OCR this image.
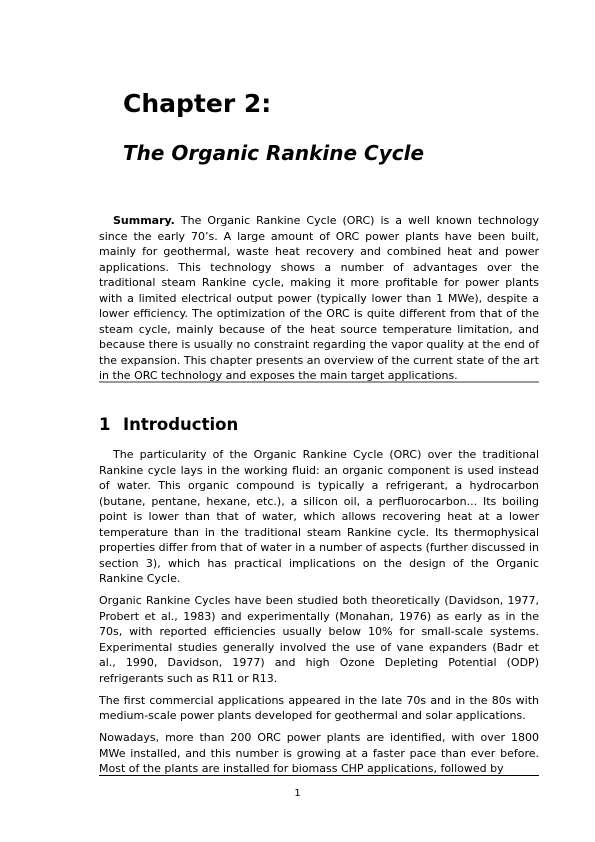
Chapter 2:
The Organic Rankine Cycle

Summary. The Organic Rankine Cycle (ORC) is a well known technology since the early 70’s. A large amount of ORC power plants have been built, mainly for geothermal, waste heat recovery and combined heat and power applications. This technology shows a number of advantages over the traditional steam Rankine cycle, making it more profitable for power plants with a limited electrical output power (typically lower than 1 MWe), despite a lower efficiency. The optimization of the ORC is quite different from that of the steam cycle, mainly because of the heat source temperature limitation, and because there is usually no constraint regarding the vapor quality at the end of the expansion. This chapter presents an overview of the current state of the art in the ORC technology and exposes the main target applications.

1 Introduction

The particularity of the Organic Rankine Cycle (ORC) over the traditional Rankine cycle lays in the working fluid: an organic component is used instead of water. This organic compound is typically a refrigerant, a hydrocarbon (butane, pentane, hexane, etc.), a silicon oil, a perfluorocarbon... Its boiling point is lower than that of water, which allows recovering heat at a lower temperature than in the traditional steam Rankine cycle. Its thermophysical properties differ from that of water in a number of aspects (further discussed in section 3), which has practical implications on the design of the Organic Rankine Cycle.

Organic Rankine Cycles have been studied both theoretically (Davidson, 1977, Probert et al., 1983) and experimentally (Monahan, 1976) as early as in the 70s, with reported efficiencies usually below 10% for small-scale systems. Experimental studies generally involved the use of vane expanders (Badr et al., 1990, Davidson, 1977) and high Ozone Depleting Potential (ODP) refrigerants such as R11 or R13.

The first commercial applications appeared in the late 70s and in the 80s with medium-scale power plants developed for geothermal and solar applications.

Nowadays, more than 200 ORC power plants are identified, with over 1800 MWe installed, and this number is growing at a faster pace than ever before. Most of the plants are installed for biomass CHP applications, followed by

1
